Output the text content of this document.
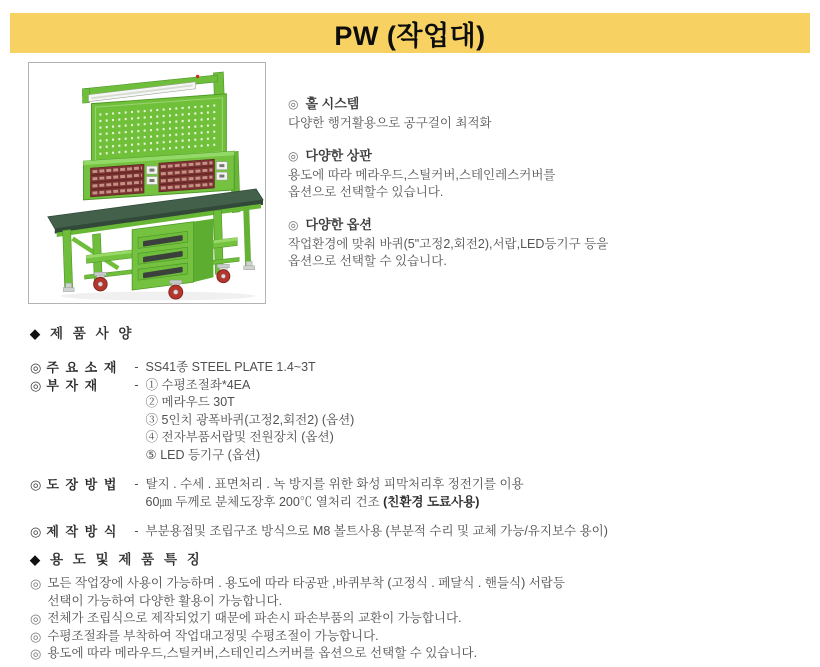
PW (작업대)
◎ 홀 시스템
다양한 행거활용으로 공구걸이 최적화
◎ 다양한 상판
용도에 따라 메라우드,스틸커버,스테인레스커버를
옵션으로 선택할수 있습니다.
◎ 다양한 옵션
작업환경에 맞춰 바퀴(5"고정2,회전2),서랍,LED등기구 등을
옵션으로 선택할 수 있습니다.
◆ 제 품 사 양
◎ 주 요 소 재	- SS41종 STEEL PLATE 1.4~3T
◎ 부 자 재	- ① 수평조절좌*4EA
② 메라우드 30T
③ 5인치 광폭바퀴(고정2,회전2) (옵션)
④ 전자부품서랍및 전원장치 (옵션)
⑤ LED 등기구 (옵션)
◎ 도 장 방 법	- 탈지 . 수세 . 표면처리 . 녹 방지를 위한 화성 피막처리후 정전기를 이용
60㎛ 두께로 분체도장후 200℃ 열처리 건조 (친환경 도료사용)
◎ 제 작 방 식	- 부분용접및 조립구조 방식으로 M8 볼트사용 (부분적 수리 및 교체 가능/유지보수 용이)
◆ 용 도 및 제 품 특 징
◎ 모든 작업장에 사용이 가능하며 . 용도에 따라 타공판 ,바퀴부착 (고정식 . 페달식 . 핸들식) 서랍등
선택이 가능하여 다양한 활용이 가능합니다.
◎ 전체가 조립식으로 제작되었기 때문에 파손시 파손부품의 교환이 가능합니다.
◎ 수평조절좌를 부착하여 작업대고정및 수평조절이 가능합니다.
◎ 용도에 따라 메라우드,스틸커버,스테인리스커버를 옵션으로 선택할 수 있습니다.
